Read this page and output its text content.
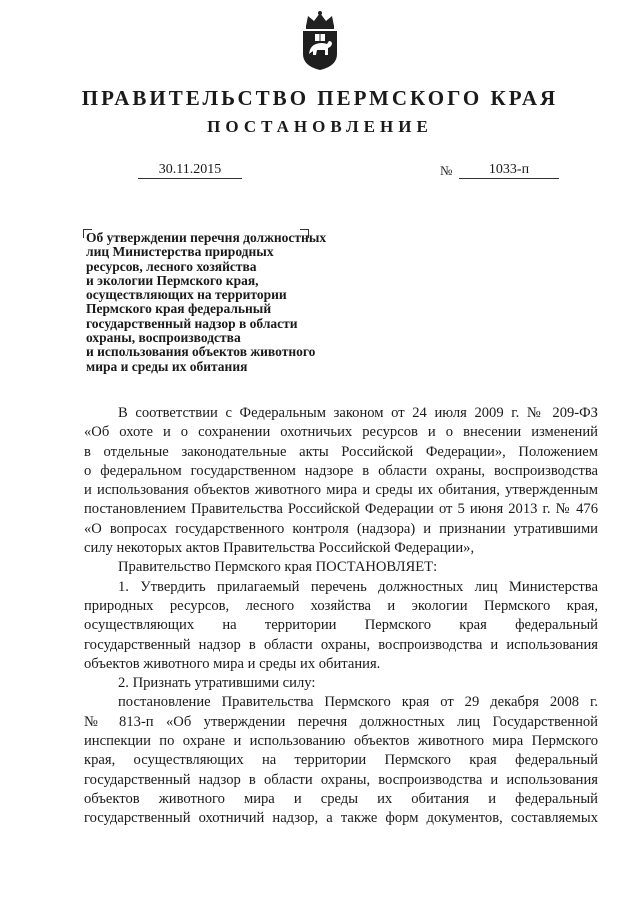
ПРАВИТЕЛЬСТВО ПЕРМСКОГО КРАЯ
ПОСТАНОВЛЕНИЕ
30.11.2015	№	1033-п
Об утверждении перечня должностных
лиц Министерства природных
ресурсов, лесного хозяйства
и экологии Пермского края,
осуществляющих на территории
Пермского края федеральный
государственный надзор в области
охраны, воспроизводства
и использования объектов животного
мира и среды их обитания
В соответствии с Федеральным законом от 24 июля 2009 г. № 209-ФЗ
«Об охоте и о сохранении охотничьих ресурсов и о внесении изменений
в отдельные законодательные акты Российской Федерации», Положением
о федеральном государственном надзоре в области охраны, воспроизводства
и использования объектов животного мира и среды их обитания, утвержденным
постановлением Правительства Российской Федерации от 5 июня 2013 г. № 476
«О вопросах государственного контроля (надзора) и признании утратившими
силу некоторых актов Правительства Российской Федерации»,
Правительство Пермского края ПОСТАНОВЛЯЕТ:
1. Утвердить прилагаемый перечень должностных лиц Министерства
природных ресурсов, лесного хозяйства и экологии Пермского края,
осуществляющих на территории Пермского края федеральный
государственный надзор в области охраны, воспроизводства и использования
объектов животного мира и среды их обитания.
2. Признать утратившими силу:
постановление Правительства Пермского края от 29 декабря 2008 г.
№ 813-п «Об утверждении перечня должностных лиц Государственной
инспекции по охране и использованию объектов животного мира Пермского
края, осуществляющих на территории Пермского края федеральный
государственный надзор в области охраны, воспроизводства и использования
объектов животного мира и среды их обитания и федеральный
государственный охотничий надзор, а также форм документов, составляемых
